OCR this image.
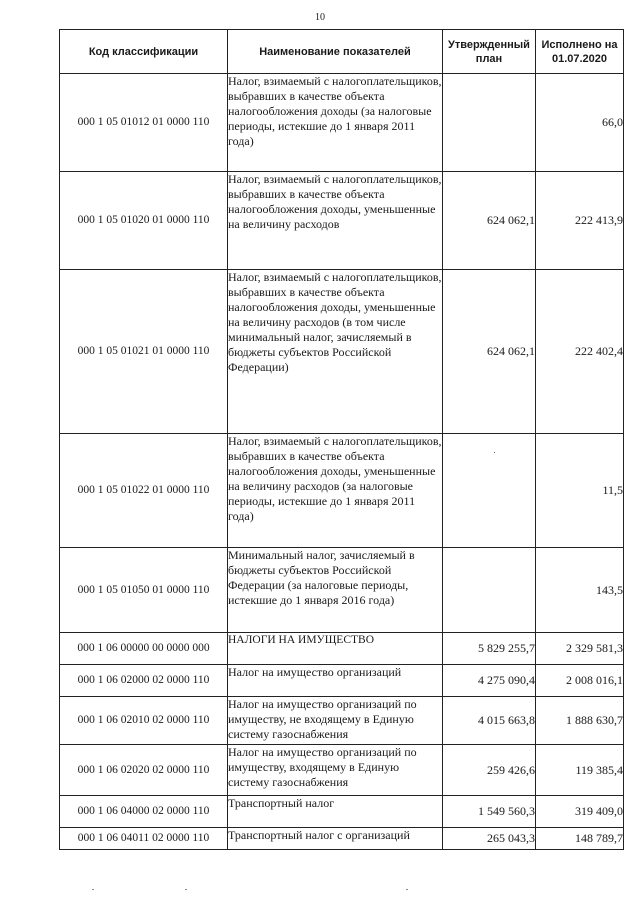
10
Код классификации	Наименование показателей	Утвержденный план	Исполнено на 01.07.2020
000 1 05 01012 01 0000 110	Налог, взимаемый с налогоплательщиков, выбравших в качестве объекта налогообложения доходы (за налоговые периоды, истекшие до 1 января 2011 года)		66,0
000 1 05 01020 01 0000 110	Налог, взимаемый с налогоплательщиков, выбравших в качестве объекта налогообложения доходы, уменьшенные на величину расходов	624 062,1	222 413,9
000 1 05 01021 01 0000 110	Налог, взимаемый с налогоплательщиков, выбравших в качестве объекта налогообложения доходы, уменьшенные на величину расходов (в том числе минимальный налог, зачисляемый в бюджеты субъектов Российской Федерации)	624 062,1	222 402,4
000 1 05 01022 01 0000 110	Налог, взимаемый с налогоплательщиков, выбравших в качестве объекта налогообложения доходы, уменьшенные на величину расходов (за налоговые периоды, истекшие до 1 января 2011 года)		11,5
000 1 05 01050 01 0000 110	Минимальный налог, зачисляемый в бюджеты субъектов Российской Федерации (за налоговые периоды, истекшие до 1 января 2016 года)		143,5
000 1 06 00000 00 0000 000	НАЛОГИ НА ИМУЩЕСТВО	5 829 255,7	2 329 581,3
000 1 06 02000 02 0000 110	Налог на имущество организаций	4 275 090,4	2 008 016,1
000 1 06 02010 02 0000 110	Налог на имущество организаций по имуществу, не входящему в Единую систему газоснабжения	4 015 663,8	1 888 630,7
000 1 06 02020 02 0000 110	Налог на имущество организаций по имуществу, входящему в Единую систему газоснабжения	259 426,6	119 385,4
000 1 06 04000 02 0000 110	Транспортный налог	1 549 560,3	319 409,0
000 1 06 04011 02 0000 110	Транспортный налог с организаций	265 043,3	148 789,7
